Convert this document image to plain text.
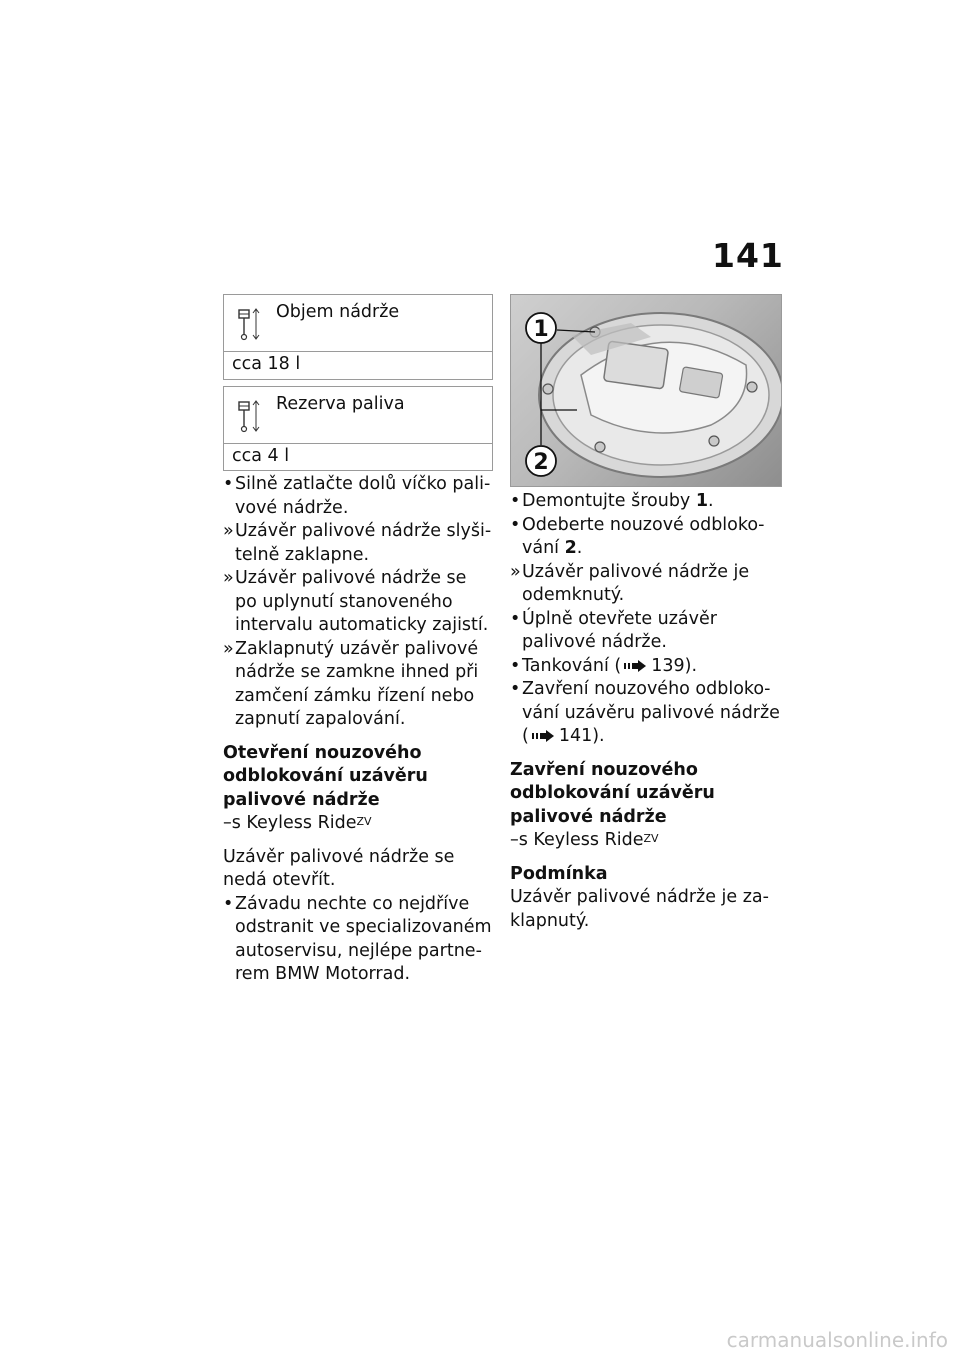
141
Objem nádrže
cca 18 l
Rezerva paliva
cca 4 l
• Silně zatlačte dolů víčko palivové nádrže.
» Uzávěr palivové nádrže slyšitelně zaklapne.
» Uzávěr palivové nádrže se po uplynutí stanoveného intervalu automaticky zajistí.
» Zaklapnutý uzávěr palivové nádrže se zamkne ihned při zamčení zámku řízení nebo zapnutí zapalování.
Otevření nouzového odblokování uzávěru palivové nádrže
–s Keyless Ride$^{ZV}$
Uzávěr palivové nádrže se nedá otevřít.
• Závadu nechte co nejdříve odstranit ve specializovaném autoservisu, nejlépe partnerem BMW Motorrad.
1
2
• Demontujte šrouby 1.
• Odeberte nouzové odblokování 2.
» Uzávěr palivové nádrže je odemknutý.
• Úplně otevřete uzávěr palivové nádrže.
• Tankování ( 139).
• Zavření nouzového odblokování uzávěru palivové nádrže ( 141).
Zavření nouzového odblokování uzávěru palivové nádrže
–s Keyless Ride$^{ZV}$
Podmínka
Uzávěr palivové nádrže je zaklapnutý.
carmanualsonline.info
